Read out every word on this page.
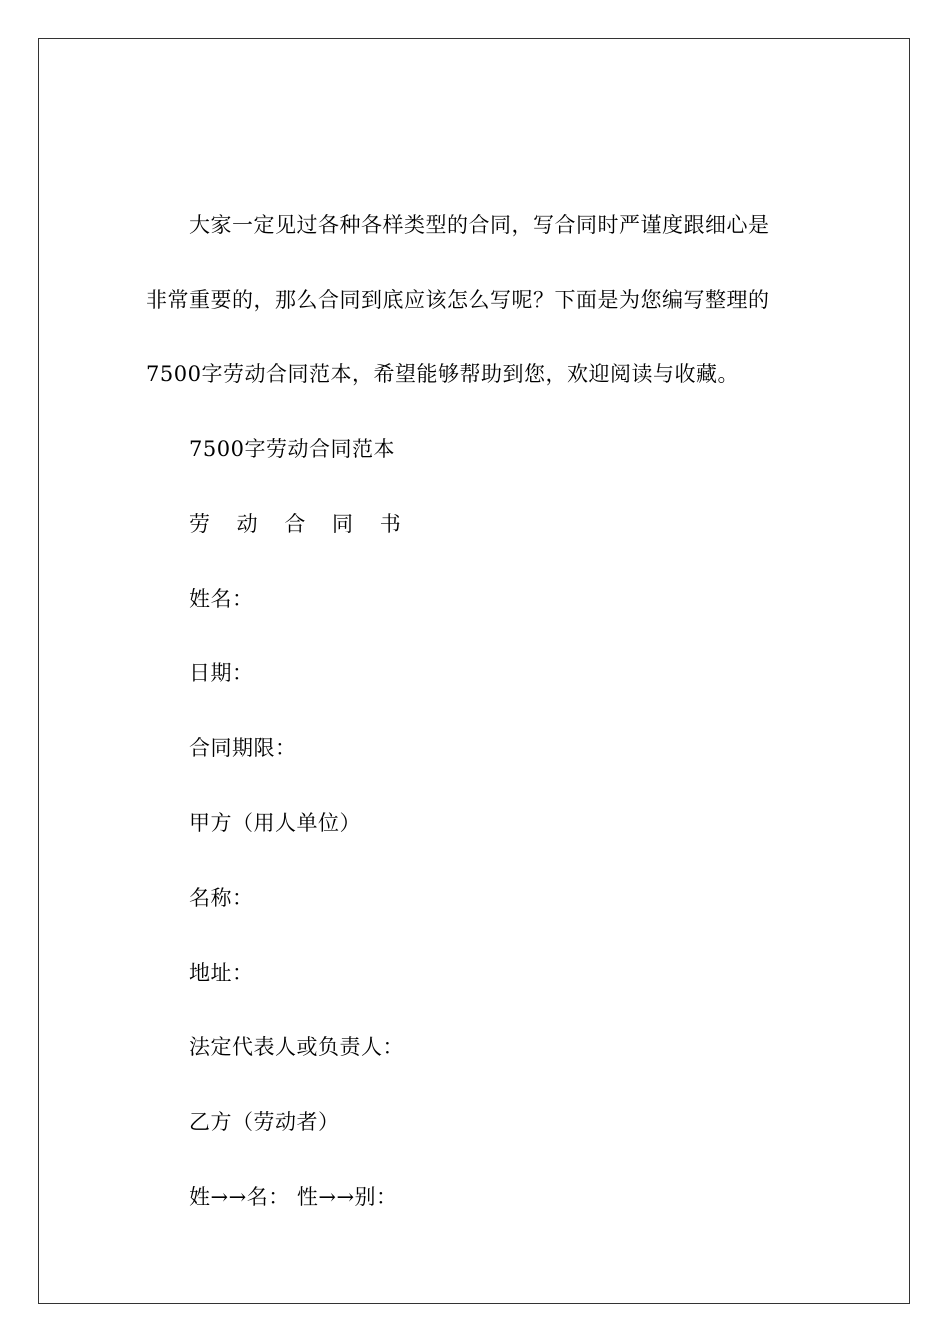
大家一定见过各种各样类型的合同，写合同时严谨度跟细心是
非常重要的，那么合同到底应该怎么写呢？下面是为您编写整理的
7500字劳动合同范本，希望能够帮助到您，欢迎阅读与收藏。
7500字劳动合同范本
劳 动 合 同 书
姓名：
日期：
合同期限：
甲方（用人单位）
名称：
地址：
法定代表人或负责人：
乙方（劳动者）
姓→→名： 性→→别：
